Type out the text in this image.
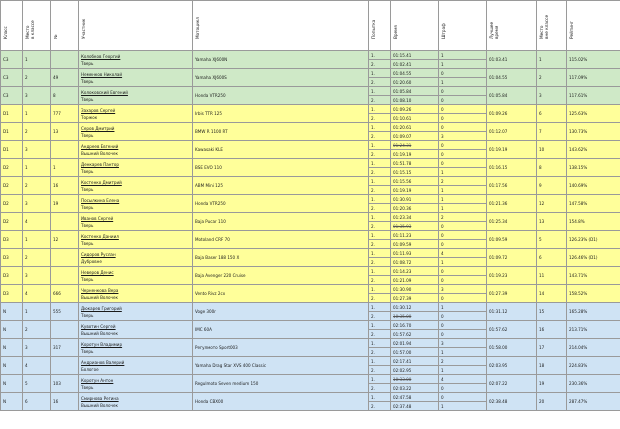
Класс	Место
в классе	№	Участник	Мотоцикл	Попытка	Время	Штраф	Лучшее
время	Место
вне классе	Рейтинг
C3	1		Колобков Георгий
Тверь	Yamaha XJ600N	1.	01:15.41	1	01:03.41	1	115.02%
					2.	01:02.41	1			
C3	2	49	Неменков Николай
Тверь	Yamaha XJ600S	1.	01:04.55	0	01:04.55	2	117.09%
					2.	01:20.60	1			
C3	3	8	Колоковский Евгений
Тверь	Honda VTR250	1.	01:05.84	0	01:05.84	3	117.61%
					2.	01:08.10	0			
D1	1	777	Захаров Сергей
Торжок	Irbis TTR 125	1.	01:09.26	0	01:09.26	6	125.63%
					2.	01:10.61	0			
D1	2	13	Серов Дмитрий
Тверь	BMW R 1100 RT	1.	01:20.61	0	01:12.07	7	130.73%
					2.	01:09.07	3			
D1	3		Андреев Евгений
Вышний Волочек	Kawasaki KLE	1.	01:24.31	0	01:19.19	10	143.62%
					2.	01:19.19	0			
D2	1	1	Денкарев Пантор
Тверь	BSE EVO 110	1.	01:51.78	0	01:16.15	8	138.15%
					2.	01:15.15	1			
D2	2	16	Костенко Дмитрий
Тверь	ABM Mini 125	1.	01:15.56	2	01:17.56	9	140.69%
					2.	01:19.19	1			
D2	3	19	Посылкина Елена
Тверь	Honda VTR250	1.	01:30.91	1	01:21.36	12	147.58%
					2.	01:20.36	1			
D2	4		Иванов Сергей
Тверь	Baja Pucar 110	1.	01:23.34	2	01:25.34	13	154.8%
					2.	01:35.93	0			
D3	1	12	Костенко Даниил
Тверь	Motoland CRF 70	1.	01:11.23	0	01:09.59	5	126.23% (D1)
					2.	01:09.59	0			
D3	2		Сидоров Руслан
Дубровне	Baja Baser 188 150 X	1.	01:11.93	4	01:09.72	6	126.46% (D1)
					2.	01:08.72	1			
D3	3		Неверов Денис
Тверь	Baja Avenger 220 Cruise	1.	01:14.23	0	01:19.23	11	143.71%
					2.	01:21.09	0			
D3	4	666	Черненкова Вера
Вышний Волочек	Vento Rivz 2cx	1.	01:30.90	3	01:27.39	14	158.52%
					2.	01:27.39	0			
N	1	555	Дюкарев Григорий
Тверь	Voge 300r	1.	01:30.12	1	01:31.12	15	165.28%
					2.	10:35.00	0			
N	2		Кувотин Сергей
Вышний Волочек	IMC 60A	1.	02:16.70	0	01:57.62	16	213.71%
					2.	01:57.62	0			
N	3	317	Коротун Владимир
Тверь	Регулмото Sport003	1.	02:01.94	3	01:58.00	17	214.04%
					2.	01:57.00	1			
N	4		Андрианов Валерий
Бологое	Yamaha Drag Star XVS 400 Classic	1.	02:17.41	2	02:03.95	18	224.83%
					2.	02:02.95	1			
N	5	103	Коротун Антон
Тверь	Regulmoto Seven medium 150	1.	10:33.00	4	02:07.22	19	230.36%
					2.	02:03.22	0			
N	6	16	Смирнова Регина
Вышний Волочек	Honda CBX00	1.	02:47.58	0	02:38.48	20	287.47%
					2.	02:37.48	1			
